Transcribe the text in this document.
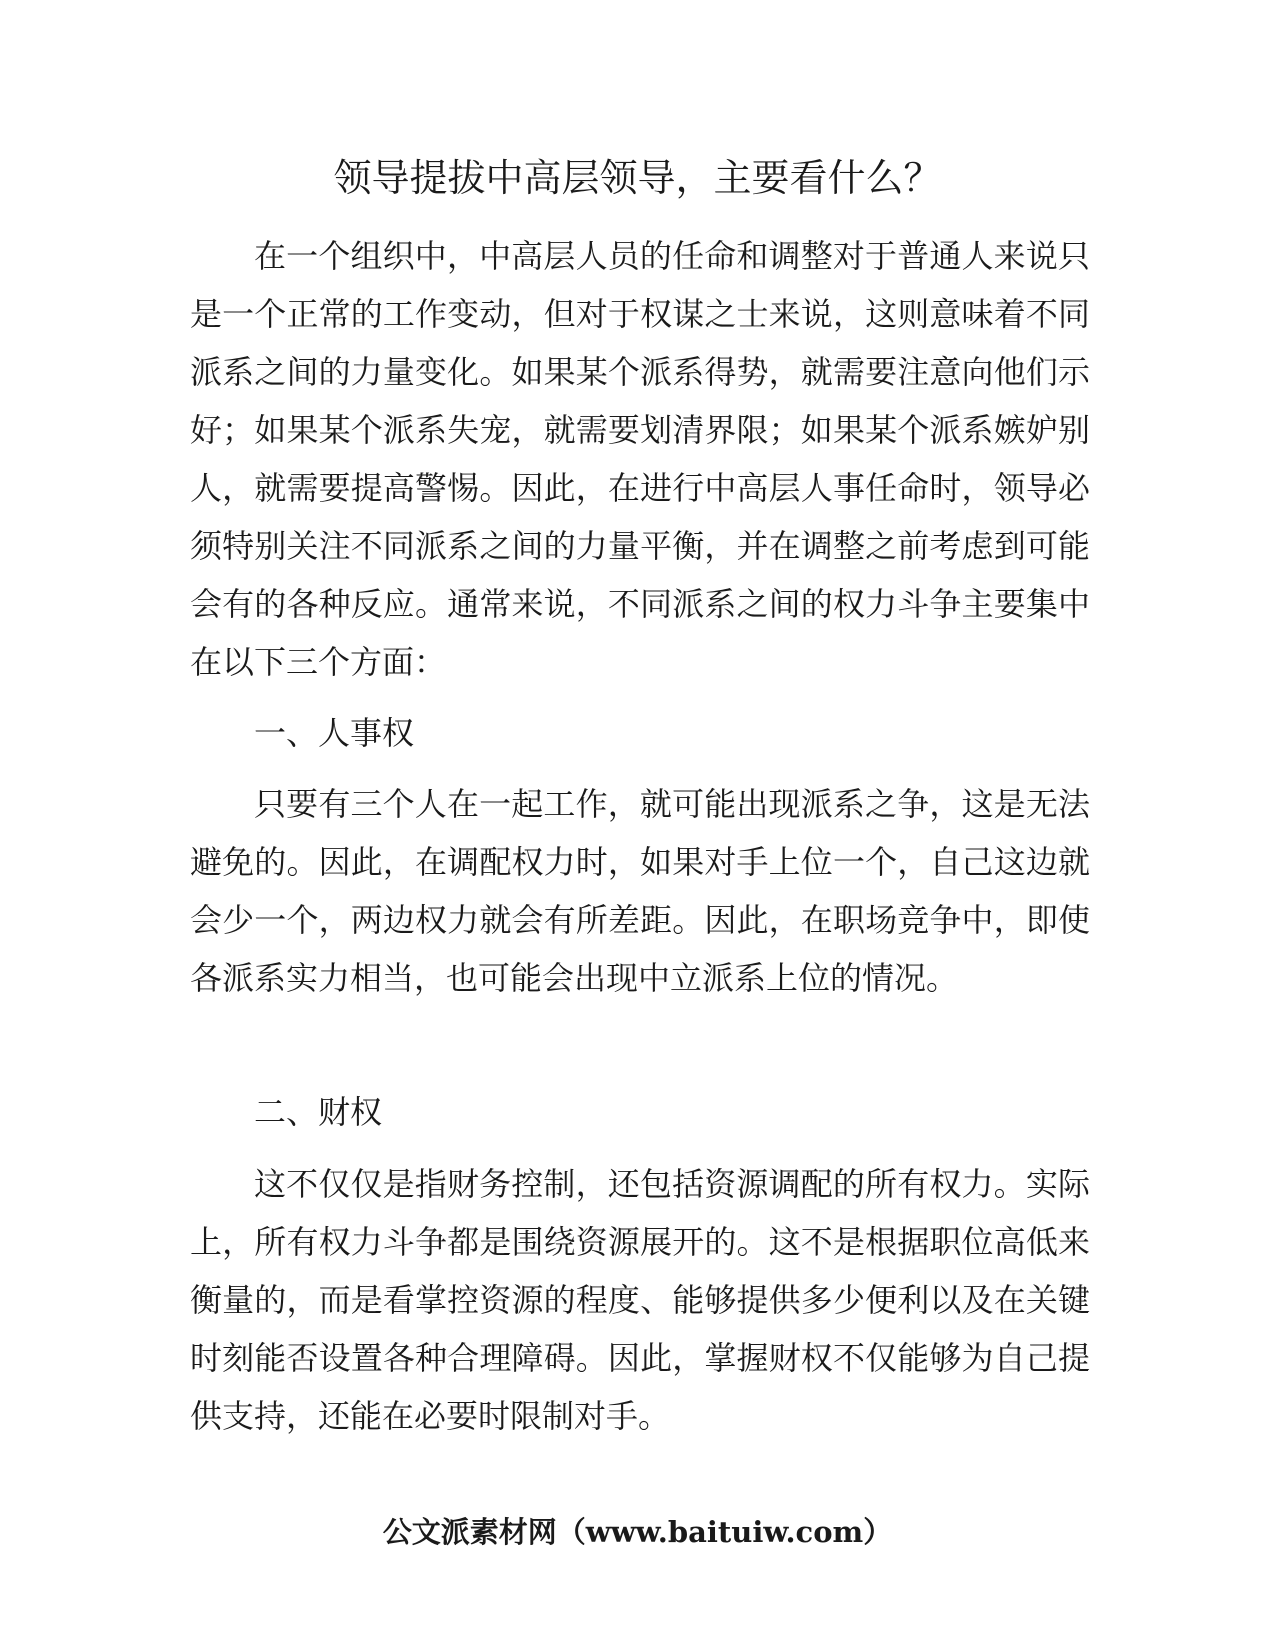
领导提拔中高层领导，主要看什么？

在一个组织中，中高层人员的任命和调整对于普通人来说只是一个正常的工作变动，但对于权谋之士来说，这则意味着不同派系之间的力量变化。如果某个派系得势，就需要注意向他们示好；如果某个派系失宠，就需要划清界限；如果某个派系嫉妒别人，就需要提高警惕。因此，在进行中高层人事任命时，领导必须特别关注不同派系之间的力量平衡，并在调整之前考虑到可能会有的各种反应。通常来说，不同派系之间的权力斗争主要集中在以下三个方面：

一、人事权

只要有三个人在一起工作，就可能出现派系之争，这是无法避免的。因此，在调配权力时，如果对手上位一个，自己这边就会少一个，两边权力就会有所差距。因此，在职场竞争中，即使各派系实力相当，也可能会出现中立派系上位的情况。

二、财权

这不仅仅是指财务控制，还包括资源调配的所有权力。实际上，所有权力斗争都是围绕资源展开的。这不是根据职位高低来衡量的，而是看掌控资源的程度、能够提供多少便利以及在关键时刻能否设置各种合理障碍。因此，掌握财权不仅能够为自己提供支持，还能在必要时限制对手。

公文派素材网（www.baituiw.com）
